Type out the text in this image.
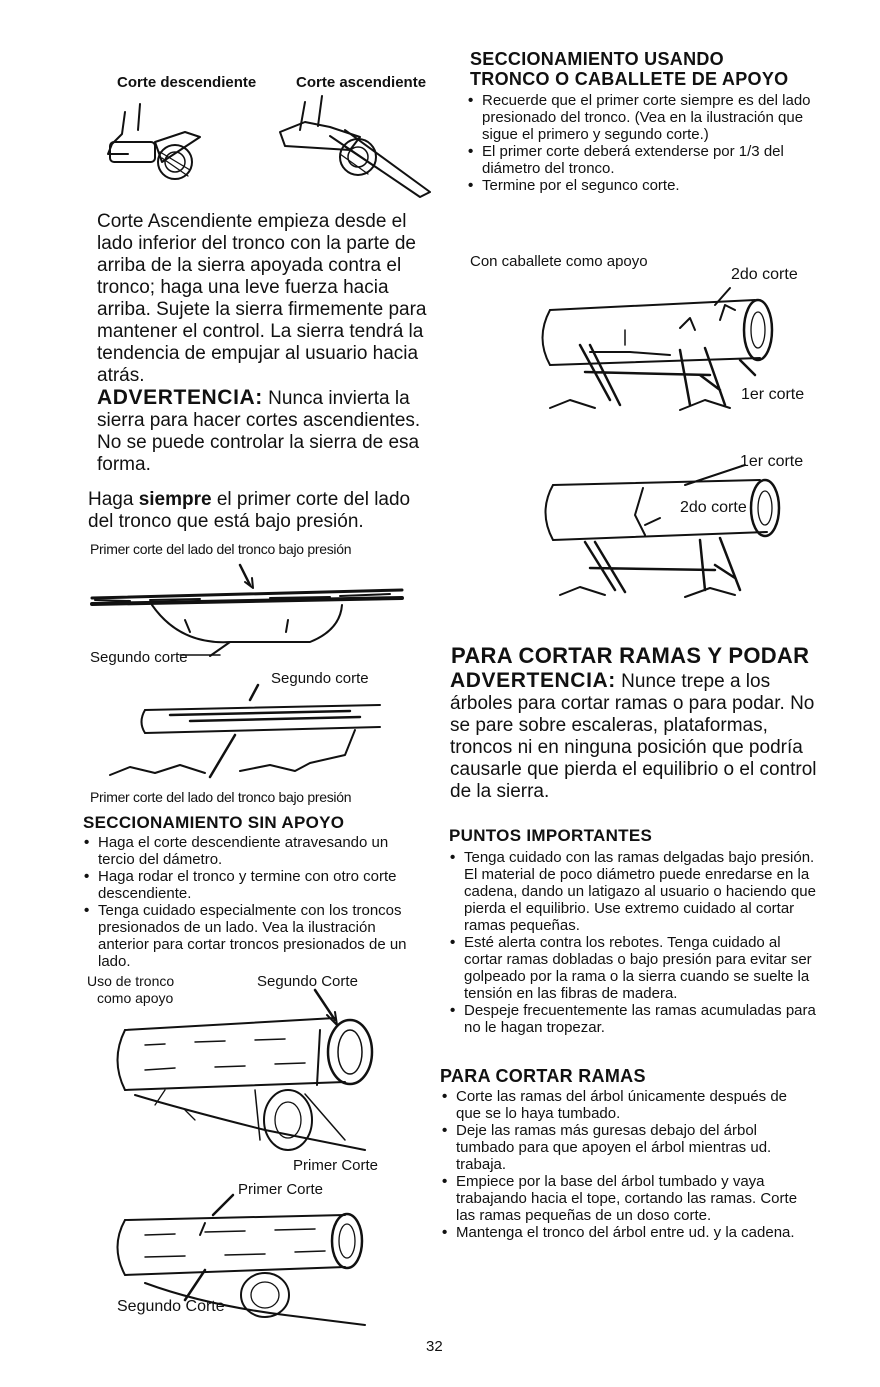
Corte descendiente	Corte ascendiente
Corte Ascendiente empieza desde el lado inferior del tronco con la parte de arriba de la sierra apoyada contra el tronco; haga una leve fuerza hacia arriba. Sujete la sierra firmemente para mantener el control. La sierra tendrá la tendencia de empujar al usuario hacia atrás.
ADVERTENCIA: Nunca invierta la sierra para hacer cortes ascendientes. No se puede controlar la sierra de esa forma.
Haga siempre el primer corte del lado del tronco que está bajo presión.
Primer corte del lado del tronco bajo presión
Segundo corte
Segundo corte
Primer corte del lado del tronco bajo presión
SECCIONAMIENTO SIN APOYO
• Haga el corte descendiente atravesando un tercio del dámetro.
• Haga rodar el tronco y termine con otro corte descendiente.
• Tenga cuidado especialmente con los troncos presionados de un lado. Vea la ilustración anterior para cortar troncos presionados de un lado.
Uso de tronco
como apoyo
Segundo Corte
Primer Corte
Primer Corte
Segundo Corte
SECCIONAMIENTO USANDO
TRONCO O CABALLETE DE APOYO
• Recuerde que el primer corte siempre es del lado presionado del tronco. (Vea en la ilustración que sigue el primero y segundo corte.)
• El primer corte deberá extenderse por 1/3 del diámetro del tronco.
• Termine por el segunco corte.
Con caballete como apoyo
2do corte
1er corte
1er corte
2do corte
PARA CORTAR RAMAS Y PODAR
ADVERTENCIA: Nunce trepe a los árboles para cortar ramas o para podar. No se pare sobre escaleras, plataformas, troncos ni en ninguna posición que podría causarle que pierda el equilibrio o el control de la sierra.
PUNTOS IMPORTANTES
• Tenga cuidado con las ramas delgadas bajo presión. El material de poco diámetro puede enredarse en la cadena, dando un latigazo al usuario o haciendo que pierda el equilibrio. Use extremo cuidado al cortar ramas pequeñas.
• Esté alerta contra los rebotes. Tenga cuidado al cortar ramas dobladas o bajo presión para evitar ser golpeado por la rama o la sierra cuando se suelte la tensión en las fibras de madera.
• Despeje frecuentemente las ramas acumuladas para no le hagan tropezar.
PARA CORTAR RAMAS
• Corte las ramas del árbol únicamente después de que se lo haya tumbado.
• Deje las ramas más guresas debajo del árbol tumbado para que apoyen el árbol mientras ud. trabaja.
• Empiece por la base del árbol tumbado y vaya trabajando hacia el tope, cortando las ramas. Corte las ramas pequeñas de un doso corte.
• Mantenga el tronco del árbol entre ud. y la cadena.
32
